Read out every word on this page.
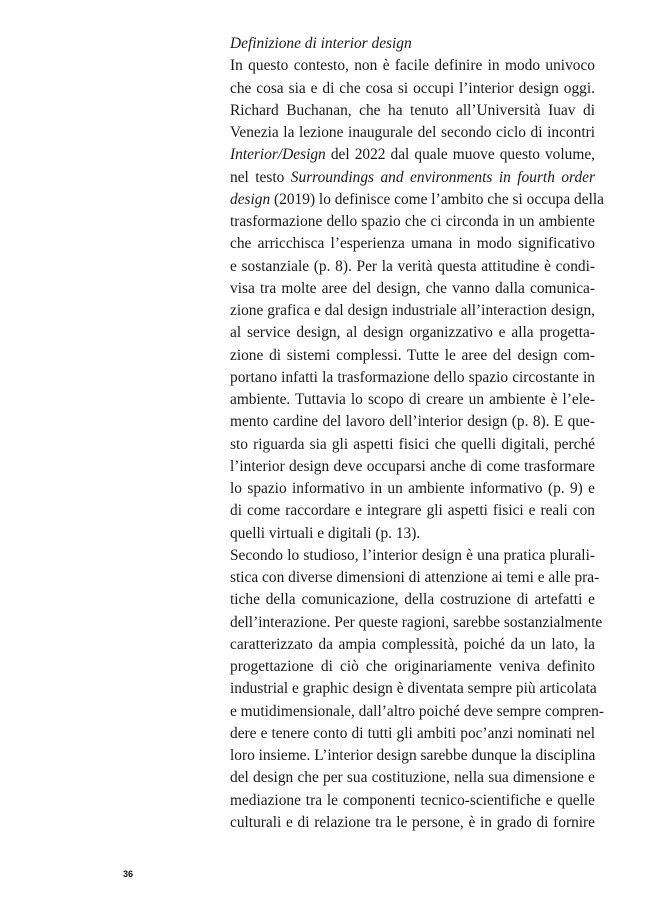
Definizione di interior design
In questo contesto, non è facile definire in modo univoco
che cosa sia e di che cosa si occupi l’interior design oggi.
Richard Buchanan, che ha tenuto all’Università Iuav di
Venezia la lezione inaugurale del secondo ciclo di incontri
Interior/Design del 2022 dal quale muove questo volume,
nel testo Surroundings and environments in fourth order
design (2019) lo definisce come l’ambito che si occupa della
trasformazione dello spazio che ci circonda in un ambiente
che arricchisca l’esperienza umana in modo significativo
e sostanziale (p. 8). Per la verità questa attitudine è condi-
visa tra molte aree del design, che vanno dalla comunica-
zione grafica e dal design industriale all’interaction design,
al service design, al design organizzativo e alla progetta-
zione di sistemi complessi. Tutte le aree del design com-
portano infatti la trasformazione dello spazio circostante in
ambiente. Tuttavia lo scopo di creare un ambiente è l’ele-
mento cardine del lavoro dell’interior design (p. 8). E que-
sto riguarda sia gli aspetti fisici che quelli digitali, perché
l’interior design deve occuparsi anche di come trasformare
lo spazio informativo in un ambiente informativo (p. 9) e
di come raccordare e integrare gli aspetti fisici e reali con
quelli virtuali e digitali (p. 13).
Secondo lo studioso, l’interior design è una pratica plurali-
stica con diverse dimensioni di attenzione ai temi e alle pra-
tiche della comunicazione, della costruzione di artefatti e
dell’interazione. Per queste ragioni, sarebbe sostanzialmente
caratterizzato da ampia complessità, poiché da un lato, la
progettazione di ciò che originariamente veniva definito
industrial e graphic design è diventata sempre più articolata
e mutidimensionale, dall’altro poiché deve sempre compren-
dere e tenere conto di tutti gli ambiti poc’anzi nominati nel
loro insieme. L’interior design sarebbe dunque la disciplina
del design che per sua costituzione, nella sua dimensione e
mediazione tra le componenti tecnico-scientifiche e quelle
culturali e di relazione tra le persone, è in grado di fornire
36
